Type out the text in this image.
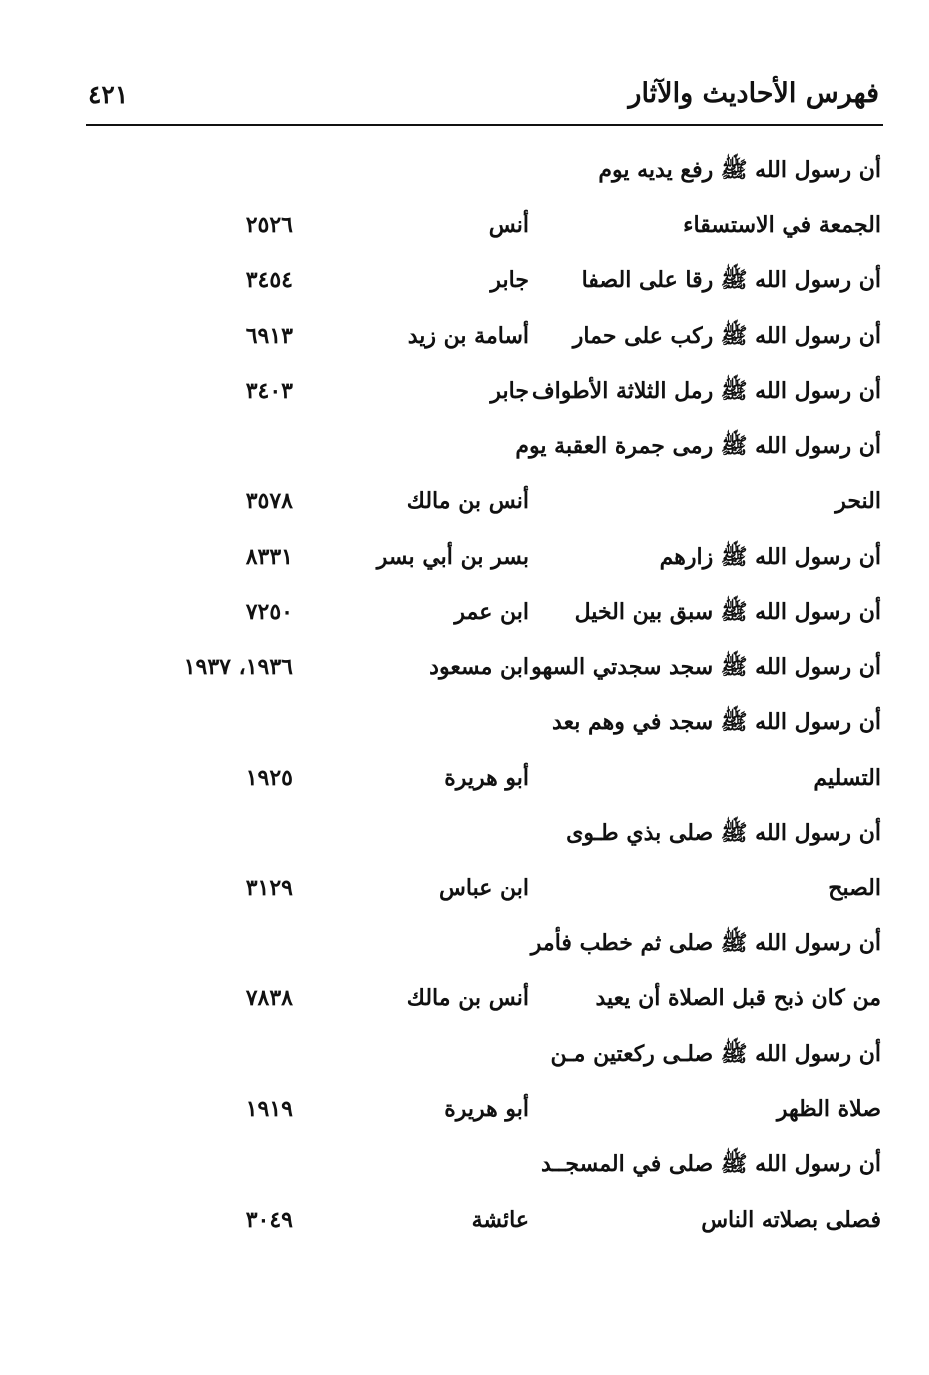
فهرس الأحاديث والآثار
٤٢١
أن رسول الله ﷺ رفع يديه يوم
الجمعة في الاستسقاء
أنس
٢٥٢٦
أن رسول الله ﷺ رقا على الصفا
جابر
٣٤٥٤
أن رسول الله ﷺ ركب على حمار
أسامة بن زيد
٦٩١٣
أن رسول الله ﷺ رمل الثلاثة الأطواف
جابر
٣٤٠٣
أن رسول الله ﷺ رمى جمرة العقبة يوم
النحر
أنس بن مالك
٣٥٧٨
أن رسول الله ﷺ زارهم
بسر بن أبي بسر
٨٣٣١
أن رسول الله ﷺ سبق بين الخيل
ابن عمر
٧٢٥٠
أن رسول الله ﷺ سجد سجدتي السهو
ابن مسعود
١٩٣٦، ١٩٣٧
أن رسول الله ﷺ سجد في وهم بعد
التسليم
أبو هريرة
١٩٢٥
أن رسول الله ﷺ صلى بذي طـوى
الصبح
ابن عباس
٣١٢٩
أن رسول الله ﷺ صلى ثم خطب فأمر
من كان ذبح قبل الصلاة أن يعيد
أنس بن مالك
٧٨٣٨
أن رسول الله ﷺ صلـى ركعتين مـن
صلاة الظهر
أبو هريرة
١٩١٩
أن رسول الله ﷺ صلى في المسجــد
فصلى بصلاته الناس
عائشة
٣٠٤٩
